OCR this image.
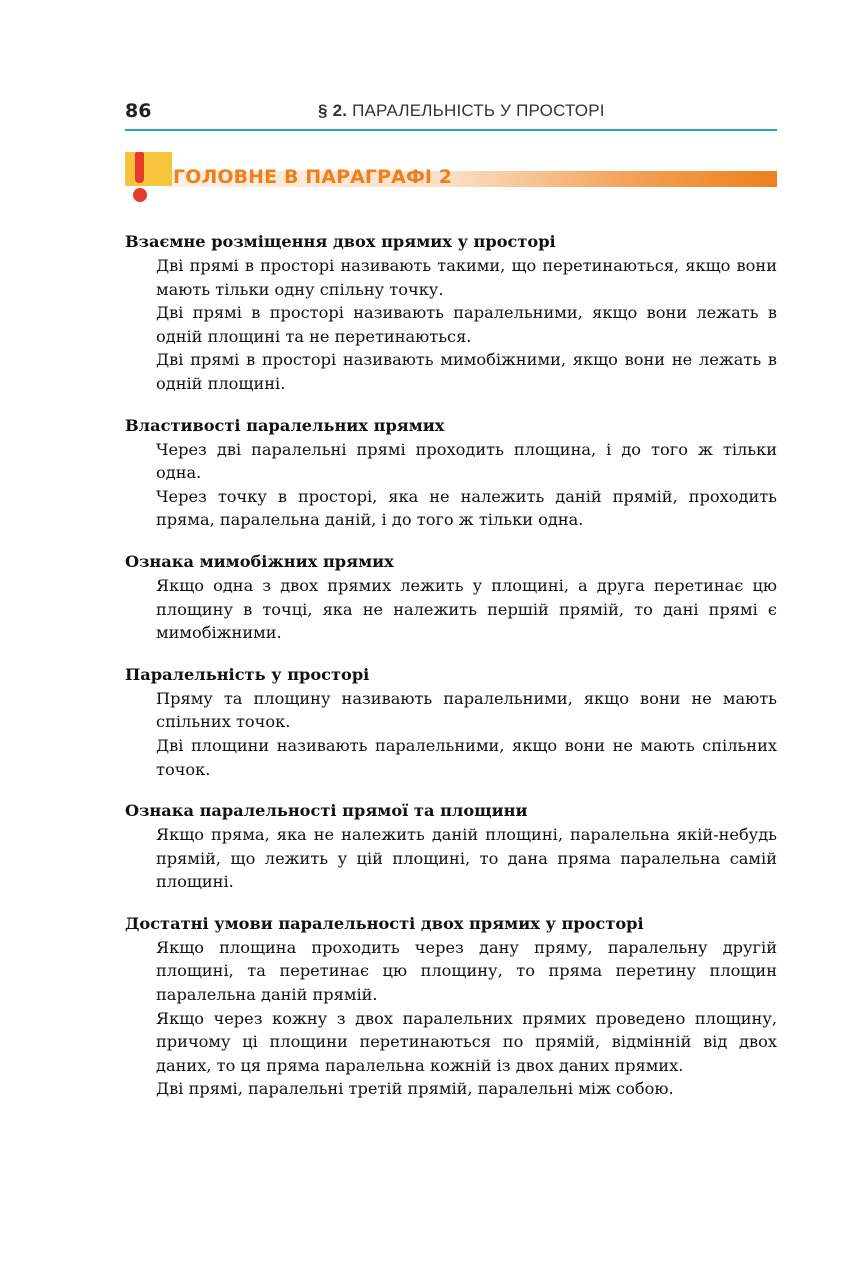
86	§ 2. ПАРАЛЕЛЬНІСТЬ У ПРОСТОРІ
ГОЛОВНЕ В ПАРАГРАФІ 2

Взаємне розміщення двох прямих у просторі

Дві прямі в просторі називають такими, що перетинаються, якщо вони мають тільки одну спільну точку.

Дві прямі в просторі називають паралельними, якщо вони лежать в одній площині та не перетинаються.

Дві прямі в просторі називають мимобіжними, якщо вони не лежать в одній площині.

Властивості паралельних прямих

Через дві паралельні прямі проходить площина, і до того ж тільки одна.

Через точку в просторі, яка не належить даній прямій, проходить пряма, паралельна даній, і до того ж тільки одна.

Ознака мимобіжних прямих

Якщо одна з двох прямих лежить у площині, а друга перетинає цю площину в точці, яка не належить першій прямій, то дані прямі є мимобіжними.

Паралельність у просторі

Пряму та площину називають паралельними, якщо вони не мають спільних точок.

Дві площини називають паралельними, якщо вони не мають спільних точок.

Ознака паралельності прямої та площини

Якщо пряма, яка не належить даній площині, паралельна якій-небудь прямій, що лежить у цій площині, то дана пряма паралельна самій площині.

Достатні умови паралельності двох прямих у просторі

Якщо площина проходить через дану пряму, паралельну другій площині, та перетинає цю площину, то пряма перетину площин паралельна даній прямій.

Якщо через кожну з двох паралельних прямих проведено площину, причому ці площини перетинаються по прямій, відмінній від двох даних, то ця пряма паралельна кожній із двох даних прямих.

Дві прямі, паралельні третій прямій, паралельні між собою.
